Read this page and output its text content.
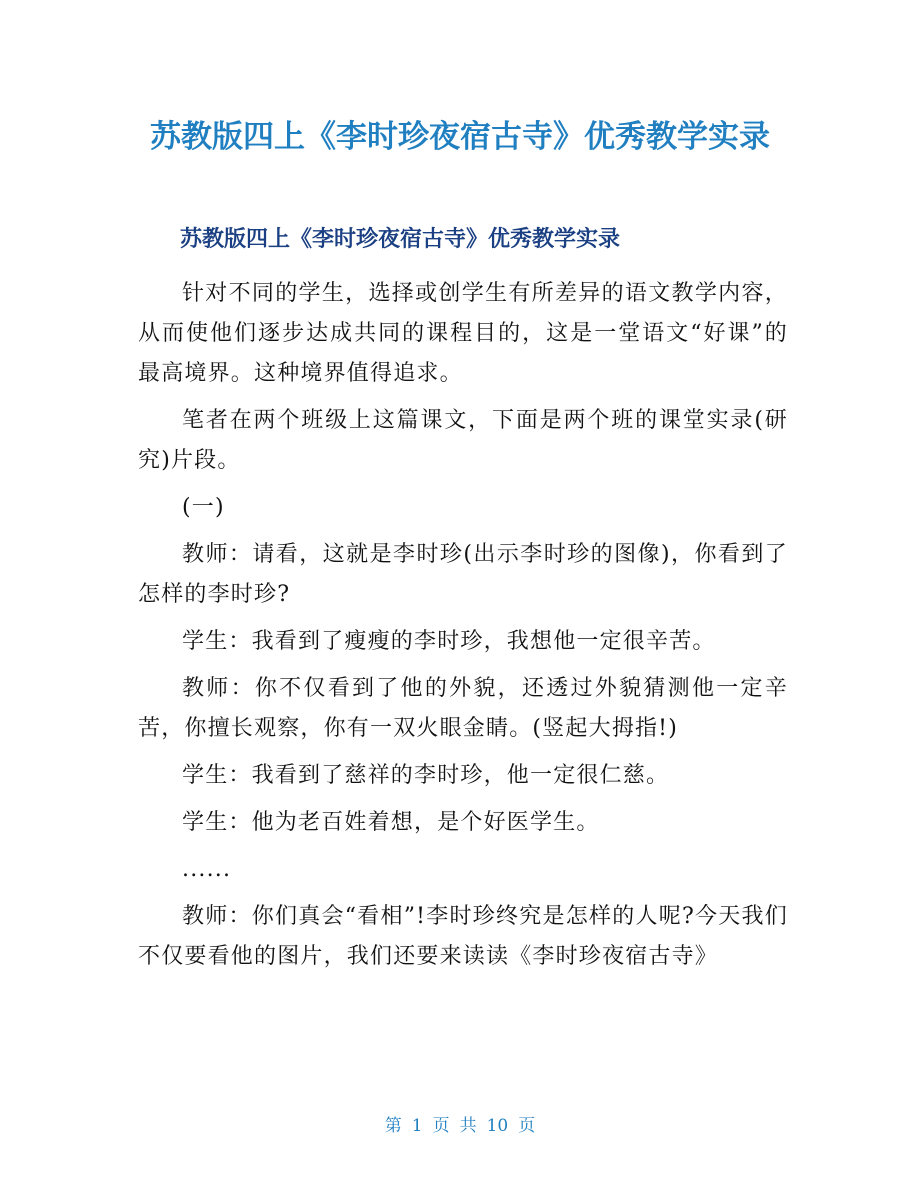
苏教版四上《李时珍夜宿古寺》优秀教学实录
苏教版四上《李时珍夜宿古寺》优秀教学实录

针对不同的学生，选择或创学生有所差异的语文教学内容，从而使他们逐步达成共同的课程目的，这是一堂语文“好课”的最高境界。这种境界值得追求。

笔者在两个班级上这篇课文，下面是两个班的课堂实录(研究)片段。

(一)

教师：请看，这就是李时珍(出示李时珍的图像)，你看到了怎样的李时珍?

学生：我看到了瘦瘦的李时珍，我想他一定很辛苦。

教师：你不仅看到了他的外貌，还透过外貌猜测他一定辛苦，你擅长观察，你有一双火眼金睛。(竖起大拇指!)

学生：我看到了慈祥的李时珍，他一定很仁慈。

学生：他为老百姓着想，是个好医学生。

......

教师：你们真会“看相”!李时珍终究是怎样的人呢?今天我们不仅要看他的图片，我们还要来读读《李时珍夜宿古寺》

第 1 页 共 10 页
